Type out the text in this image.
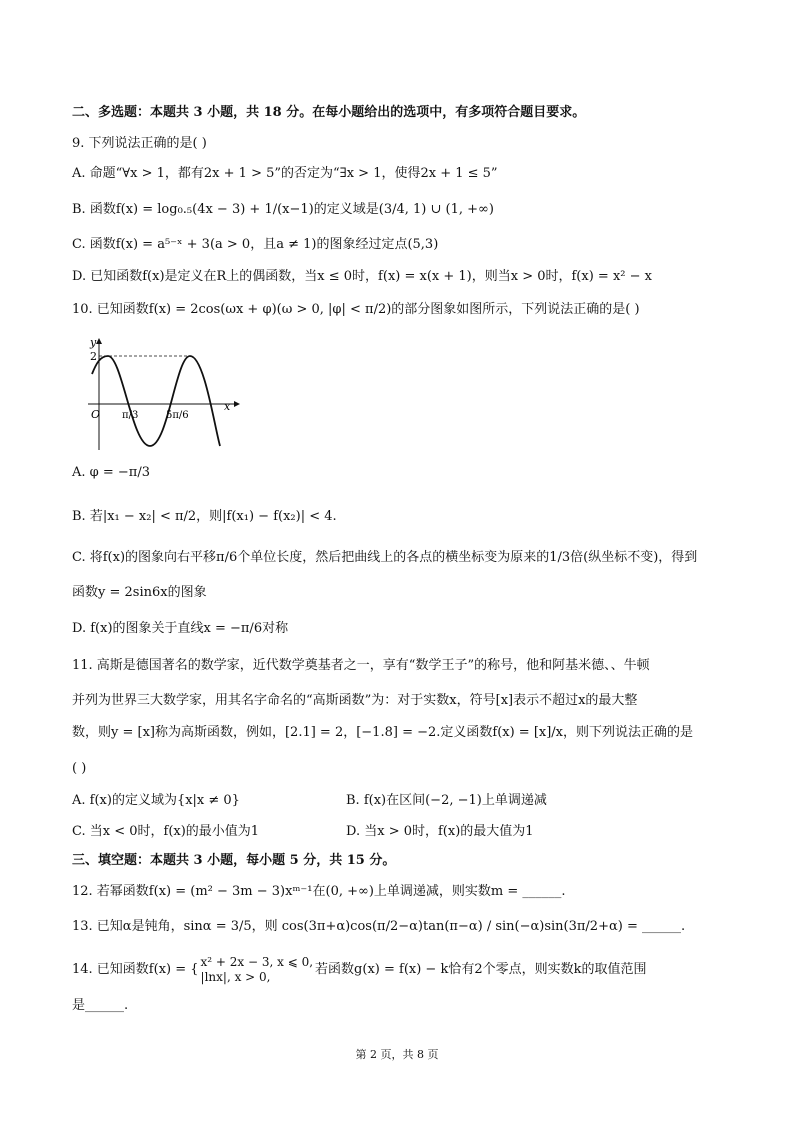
二、多选题：本题共 3 小题，共 18 分。在每小题给出的选项中，有多项符合题目要求。
9. 下列说法正确的是( )
A. 命题“∀x > 1，都有2x + 1 > 5”的否定为“∃x > 1，使得2x + 1 ≤ 5”
B. 函数f(x) = log₀.₅(4x − 3) + 1/(x−1)的定义域是(3/4, 1) ∪ (1, +∞)
C. 函数f(x) = a⁵⁻ˣ + 3(a > 0，且a ≠ 1)的图象经过定点(5,3)
D. 已知函数f(x)是定义在R上的偶函数，当x ≤ 0时，f(x) = x(x + 1)，则当x > 0时，f(x) = x² − x
10. 已知函数f(x) = 2cos(ωx + φ)(ω > 0, |φ| < π/2)的部分图象如图所示，下列说法正确的是( )
y
x
2
O π/3	5π/6
A. φ = −π/3
B. 若|x₁ − x₂| < π/2，则|f(x₁) − f(x₂)| < 4.
C. 将f(x)的图象向右平移π/6个单位长度，然后把曲线上的各点的横坐标变为原来的1/3倍(纵坐标不变)，得到
函数y = 2sin6x的图象
D. f(x)的图象关于直线x = −π/6对称
11. 高斯是德国著名的数学家，近代数学奠基者之一，享有“数学王子”的称号，他和阿基米德、、牛顿
并列为世界三大数学家，用其名字命名的“高斯函数”为：对于实数x，符号[x]表示不超过x的最大整
数，则y = [x]称为高斯函数，例如，[2.1] = 2，[−1.8] = −2.定义函数f(x) = [x]/x，则下列说法正确的是
( )
A. f(x)的定义域为{x|x ≠ 0}	B. f(x)在区间(−2, −1)上单调递减
C. 当x < 0时，f(x)的最小值为1	D. 当x > 0时，f(x)的最大值为1
三、填空题：本题共 3 小题，每小题 5 分，共 15 分。
12. 若幂函数f(x) = (m² − 3m − 3)xᵐ⁻¹在(0, +∞)上单调递减，则实数m = ______.
13. 已知α是钝角，sinα = 3/5，则 cos(3π+α)cos(π/2−α)tan(π−α) / sin(−α)sin(3π/2+α) = ______.
14. 已知函数f(x) = { x² + 2x − 3, x ⩽ 0,
|lnx|, x > 0,	若函数g(x) = f(x) − k恰有2个零点，则实数k的取值范围
是______.
第 2 页，共 8 页
